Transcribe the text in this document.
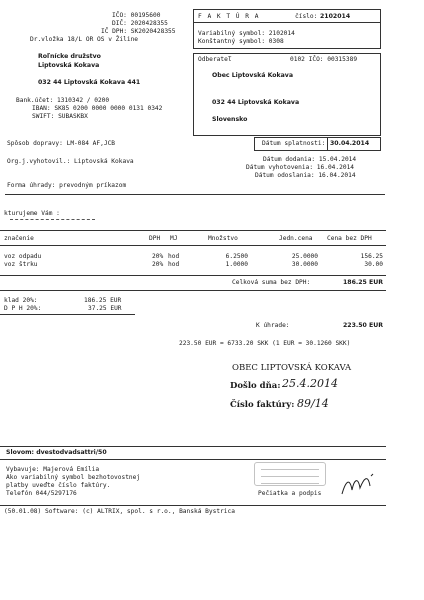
IČO: 00195600
DIČ: 2020428355
IČ DPH: SK2020428355
Dr.vložka 18/L OR OS v Žiline
Roľnícke družstvo
Liptovská Kokava
032 44 Liptovská Kokava 441
Bank.účet: 1310342 / 0200
IBAN: SK85 0200 0000 0000 0131 0342
SWIFT: SUBASKBX
F A K T Ú R A	číslo: 2102014
Variabilný symbol: 2102014
Konštantný symbol: 0308
Odberateľ	0102 IČO: 00315389
Obec Liptovská Kokava
032 44 Liptovská Kokava
Slovensko
Spôsob dopravy: LM-084 AF,JCB	Dátum splatnosti: 30.04.2014
Org.j.vyhotovil.: Liptovská Kokava	Dátum dodania: 15.04.2014
Dátum vyhotovenia: 16.04.2014
Dátum odoslania: 16.04.2014
Forma úhrady: prevodným príkazom
kturujeme Vám :
značenie	DPH MJ	Množstvo	Jedn.cena Cena bez DPH
vоz odpadu	20% hod	6.2500	25.0000	156.25
vоz štrku	20% hod	1.0000	30.0000	30.00
Celková suma bez DPH:	186.25 EUR
klad 20%:	186.25 EUR
D P H 20%:	37.25 EUR
K úhrade:	223.50 EUR
223.50 EUR = 6733.20 SKK (1 EUR = 30.1260 SKK)
OBEC LIPTOVSKÁ KOKAVA
Došlo dňa: 25.4.2014
Číslo faktúry: 89/14
Slovom: dvestodvadsattri/50
Vybavuje: Majerová Emília
Ako variabilný symbol bezhotovostnej
platby uveďte číslo faktúry.
Telefón 044/5297176	Pečiatka a podpis
(50.01.08) Software: (c) ALTRIX, spol. s r.o., Banská Bystrica
